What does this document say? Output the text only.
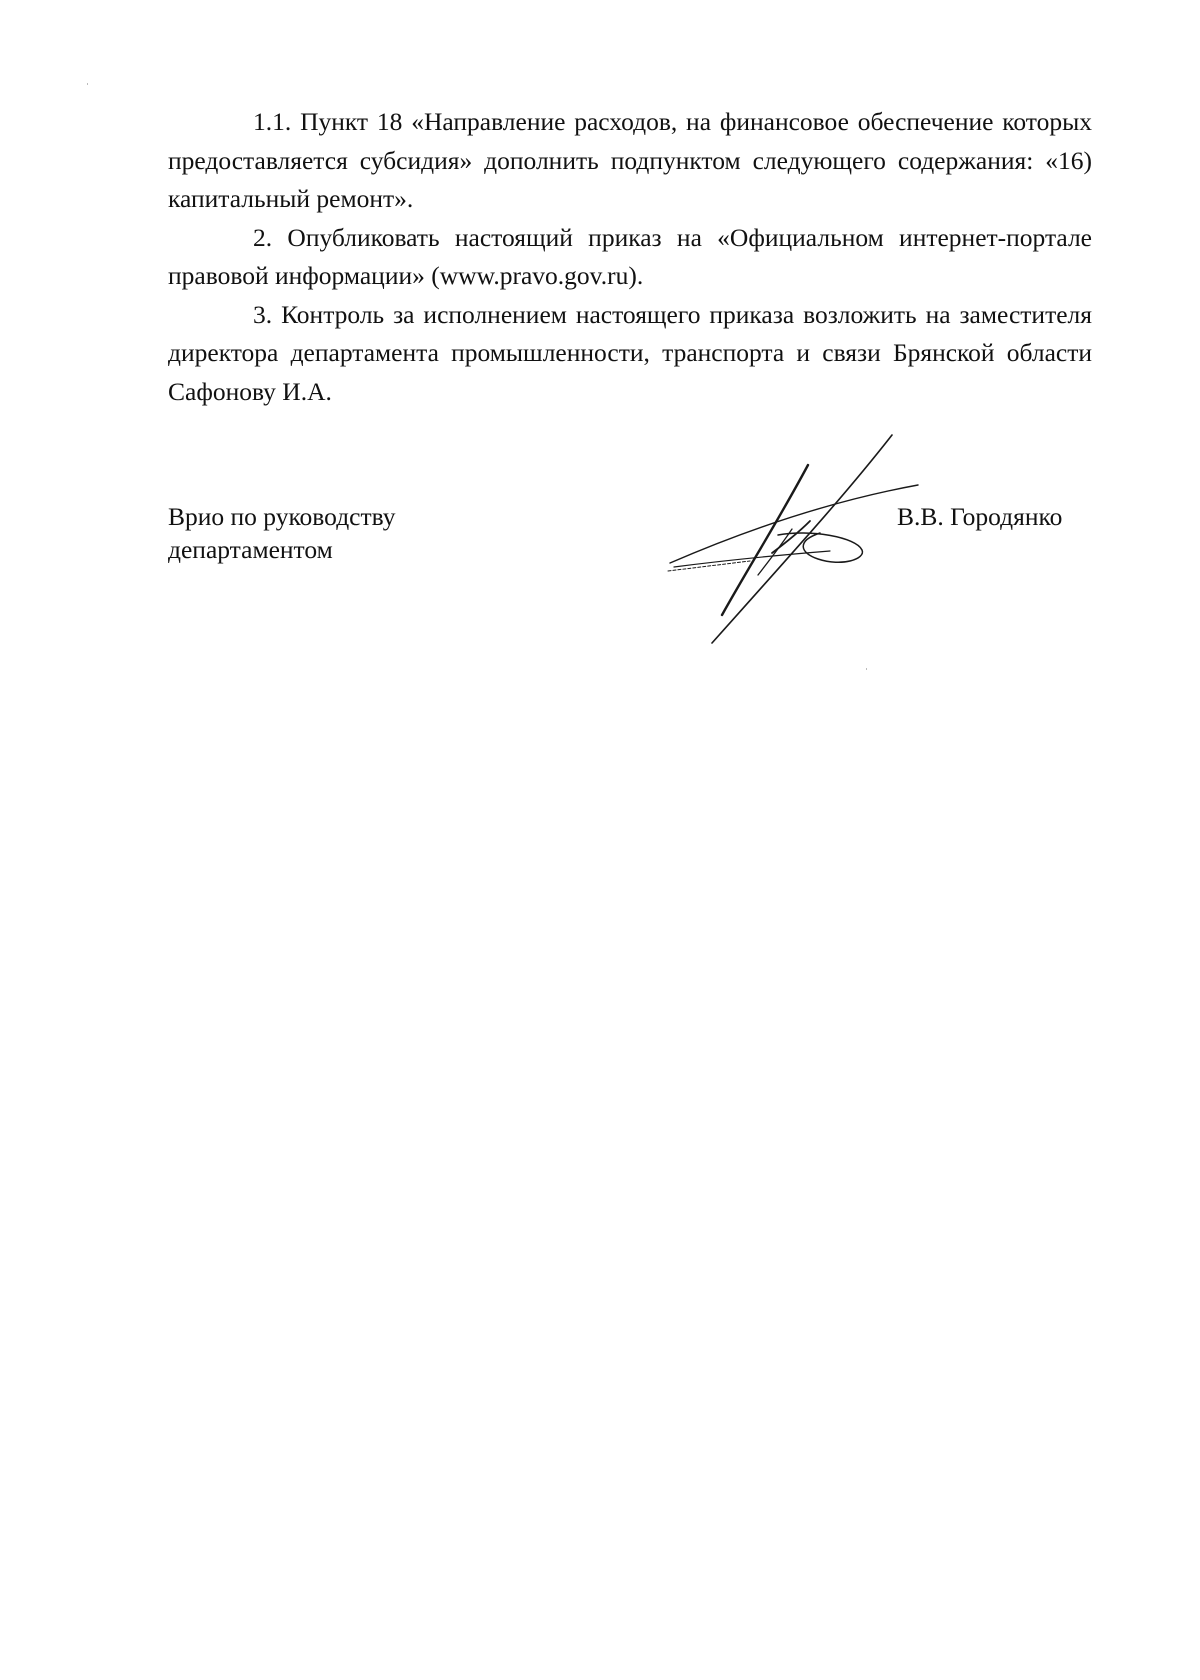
1.1. Пункт 18 «Направление расходов, на финансовое обеспечение которых предоставляется субсидия» дополнить подпунктом следующего содержания: «16) капитальный ремонт».

2. Опубликовать настоящий приказ на «Официальном интернет-портале правовой информации» (www.pravo.gov.ru).

3. Контроль за исполнением настоящего приказа возложить на заместителя директора департамента промышленности, транспорта и связи Брянской области Сафонову И.А.

Врио по руководству
департаментом
В.В. Городянко
